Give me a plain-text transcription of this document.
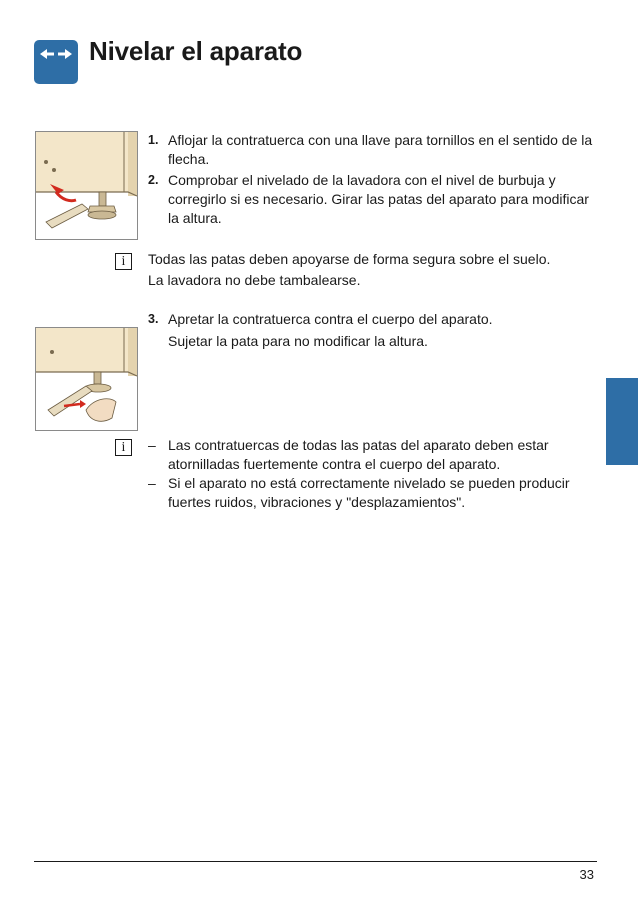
Nivelar el aparato
1. Aflojar la contratuerca con una llave para tornillos en el sentido de la flecha.
2. Comprobar el nivelado de la lavadora con el nivel de burbuja y corregirlo si es necesario. Girar las patas del aparato para modificar la altura.
i	Todas las patas deben apoyarse de forma segura sobre el suelo.

La lavadora no debe tambalearse.

3. Apretar la contratuerca contra el cuerpo del aparato.
Sujetar la pata para no modificar la altura.
i	– Las contratuercas de todas las patas del aparato deben estar atornilladas fuertemente contra el cuerpo del aparato.
– Si el aparato no está correctamente nivelado se pueden producir fuertes ruidos, vibraciones y "desplazamientos".
33
